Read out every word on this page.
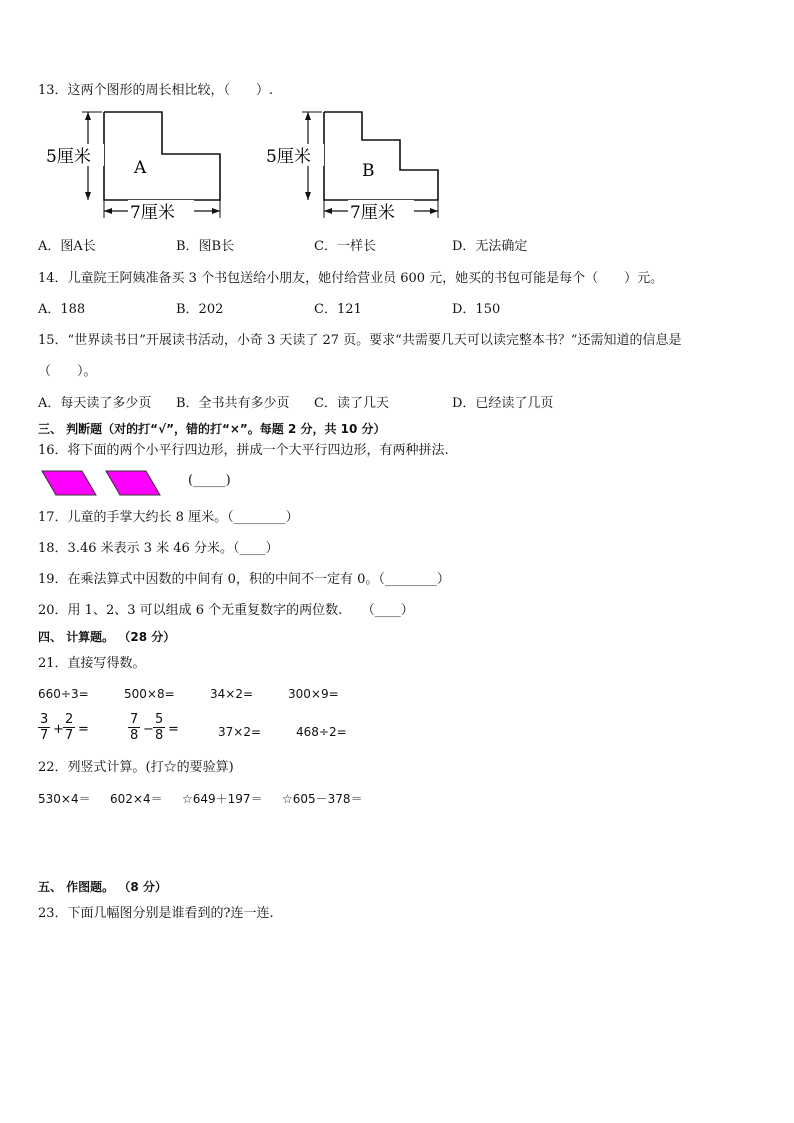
13．这两个图形的周长相比较，（　　）.
5厘米
A
7厘米
5厘米
B
7厘米
A．图A长	B．图B长	C．一样长	D．无法确定
14．儿童院王阿姨准备买 3 个书包送给小朋友，她付给营业员 600 元，她买的书包可能是每个（　　）元。
A．188	B．202	C．121	D．150
15．“世界读书日”开展读书活动，小奇 3 天读了 27 页。要求“共需要几天可以读完整本书？”还需知道的信息是
（　　）。
A．每天读了多少页 B．全书共有多少页 C．读了几天	D．已经读了几页
三、 判断题（对的打“√”，错的打“×”。每题 2 分，共 10 分）
16．将下面的两个小平行四边形，拼成一个大平行四边形，有两种拼法.
(_____)
17．儿童的手掌大约长 8 厘米。（________）
18．3.46 米表示 3 米 46 分米。（____）
19．在乘法算式中因数的中间有 0，积的中间不一定有 0。（________）
20．用 1、2、3 可以组成 6 个无重复数字的两位数.　　（____）
四、 计算题。 （28 分）
21．直接写得数。
660÷3=	500×8=	34×2=	300×9=
$\frac{3}{7} + \frac{2}{7}$ =	$\frac{7}{8} - \frac{5}{8}$ =	37×2=	468÷2=
22．列竖式计算。(打☆的要验算)
530×4＝ 602×4＝ ☆649＋197＝ ☆605－378＝
五、 作图题。 （8 分）
23．下面几幅图分别是谁看到的?连一连.
